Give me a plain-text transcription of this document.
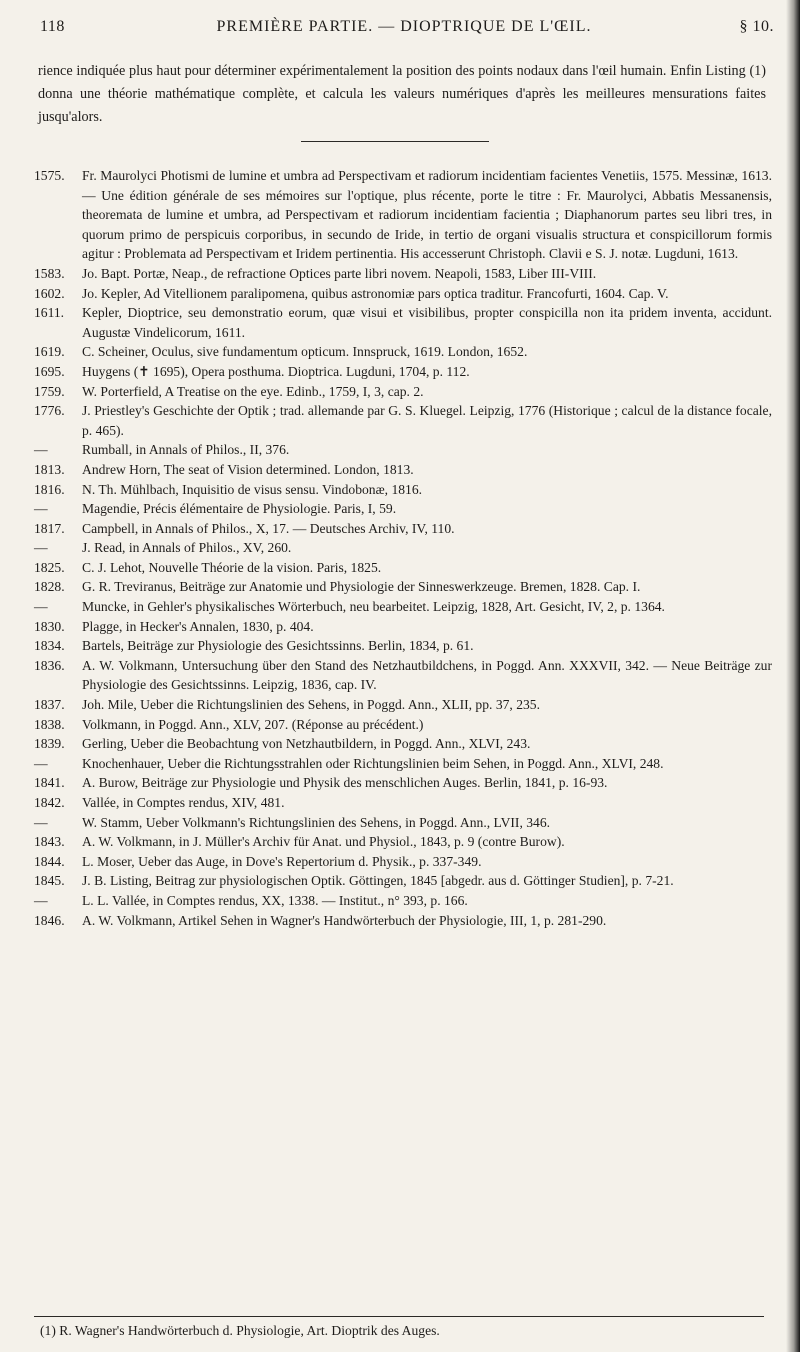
118	PREMIÈRE PARTIE. — DIOPTRIQUE DE L'ŒIL.	§ 10.

rience indiquée plus haut pour déterminer expérimentalement la position des points nodaux dans l'œil humain. Enfin Listing (1) donna une théorie mathématique complète, et calcula les valeurs numériques d'après les meilleures mensurations faites jusqu'alors.

1575.	Fr. Maurolyci Photismi de lumine et umbra ad Perspectivam et radiorum incidentiam facientes Venetiis, 1575. Messinæ, 1613. — Une édition générale de ses mémoires sur l'optique, plus récente, porte le titre : Fr. Maurolyci, Abbatis Messanensis, theoremata de lumine et umbra, ad Perspectivam et radiorum incidentiam facientia ; Diaphanorum partes seu libri tres, in quorum primo de perspicuis corporibus, in secundo de Iride, in tertio de organi visualis structura et conspicillorum formis agitur : Problemata ad Perspectivam et Iridem pertinentia. His accesserunt Christoph. Clavii e S. J. notæ. Lugduni, 1613.
1583.	Jo. Bapt. Portæ, Neap., de refractione Optices parte libri novem. Neapoli, 1583, Liber III-VIII.
1602.	Jo. Kepler, Ad Vitellionem paralipomena, quibus astronomiæ pars optica traditur. Francofurti, 1604. Cap. V.
1611.	Kepler, Dioptrice, seu demonstratio eorum, quæ visui et visibilibus, propter conspicilla non ita pridem inventa, accidunt. Augustæ Vindelicorum, 1611.
1619.	C. Scheiner, Oculus, sive fundamentum opticum. Innspruck, 1619. London, 1652.
1695.	Huygens (✝ 1695), Opera posthuma. Dioptrica. Lugduni, 1704, p. 112.
1759.	W. Porterfield, A Treatise on the eye. Edinb., 1759, I, 3, cap. 2.
1776.	J. Priestley's Geschichte der Optik ; trad. allemande par G. S. Kluegel. Leipzig, 1776 (Historique ; calcul de la distance focale, p. 465).
—	Rumball, in Annals of Philos., II, 376.
1813.	Andrew Horn, The seat of Vision determined. London, 1813.
1816.	N. Th. Mühlbach, Inquisitio de visus sensu. Vindobonæ, 1816.
—	Magendie, Précis élémentaire de Physiologie. Paris, I, 59.
1817.	Campbell, in Annals of Philos., X, 17. — Deutsches Archiv, IV, 110.
—	J. Read, in Annals of Philos., XV, 260.
1825.	C. J. Lehot, Nouvelle Théorie de la vision. Paris, 1825.
1828.	G. R. Treviranus, Beiträge zur Anatomie und Physiologie der Sinneswerkzeuge. Bremen, 1828. Cap. I.
—	Muncke, in Gehler's physikalisches Wörterbuch, neu bearbeitet. Leipzig, 1828, Art. Gesicht, IV, 2, p. 1364.
1830.	Plagge, in Hecker's Annalen, 1830, p. 404.
1834.	Bartels, Beiträge zur Physiologie des Gesichtssinns. Berlin, 1834, p. 61.
1836.	A. W. Volkmann, Untersuchung über den Stand des Netzhautbildchens, in Poggd. Ann. XXXVII, 342. — Neue Beiträge zur Physiologie des Gesichtssinns. Leipzig, 1836, cap. IV.
1837.	Joh. Mile, Ueber die Richtungslinien des Sehens, in Poggd. Ann., XLII, pp. 37, 235.
1838.	Volkmann, in Poggd. Ann., XLV, 207. (Réponse au précédent.)
1839.	Gerling, Ueber die Beobachtung von Netzhautbildern, in Poggd. Ann., XLVI, 243.
—	Knochenhauer, Ueber die Richtungsstrahlen oder Richtungslinien beim Sehen, in Poggd. Ann., XLVI, 248.
1841.	A. Burow, Beiträge zur Physiologie und Physik des menschlichen Auges. Berlin, 1841, p. 16-93.
1842.	Vallée, in Comptes rendus, XIV, 481.
—	W. Stamm, Ueber Volkmann's Richtungslinien des Sehens, in Poggd. Ann., LVII, 346.
1843.	A. W. Volkmann, in J. Müller's Archiv für Anat. und Physiol., 1843, p. 9 (contre Burow).
1844.	L. Moser, Ueber das Auge, in Dove's Repertorium d. Physik., p. 337-349.
1845.	J. B. Listing, Beitrag zur physiologischen Optik. Göttingen, 1845 [abgedr. aus d. Göttinger Studien], p. 7-21.
—	L. L. Vallée, in Comptes rendus, XX, 1338. — Institut., n° 393, p. 166.
1846.	A. W. Volkmann, Artikel Sehen in Wagner's Handwörterbuch der Physiologie, III, 1, p. 281-290.
(1) R. Wagner's Handwörterbuch d. Physiologie, Art. Dioptrik des Auges.
